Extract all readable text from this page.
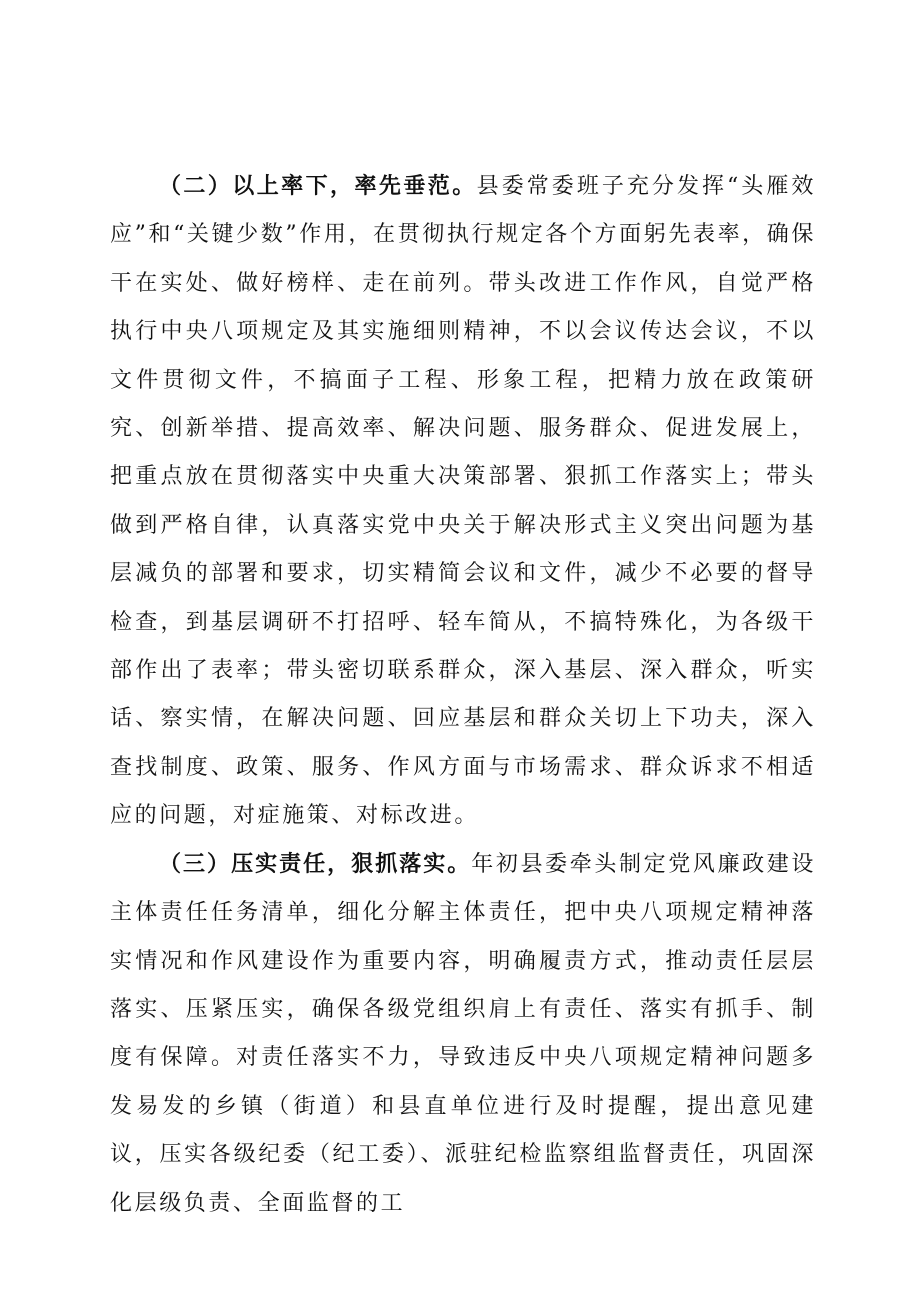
（二）以上率下，率先垂范。县委常委班子充分发挥“头雁效应”和“关键少数”作用，在贯彻执行规定各个方面躬先表率，确保干在实处、做好榜样、走在前列。带头改进工作作风，自觉严格执行中央八项规定及其实施细则精神，不以会议传达会议，不以文件贯彻文件，不搞面子工程、形象工程，把精力放在政策研究、创新举措、提高效率、解决问题、服务群众、促进发展上，把重点放在贯彻落实中央重大决策部署、狠抓工作落实上；带头做到严格自律，认真落实党中央关于解决形式主义突出问题为基层减负的部署和要求，切实精简会议和文件，减少不必要的督导检查，到基层调研不打招呼、轻车简从，不搞特殊化，为各级干部作出了表率；带头密切联系群众，深入基层、深入群众，听实话、察实情，在解决问题、回应基层和群众关切上下功夫，深入查找制度、政策、服务、作风方面与市场需求、群众诉求不相适应的问题，对症施策、对标改进。

（三）压实责任，狠抓落实。年初县委牵头制定党风廉政建设主体责任任务清单，细化分解主体责任，把中央八项规定精神落实情况和作风建设作为重要内容，明确履责方式，推动责任层层落实、压紧压实，确保各级党组织肩上有责任、落实有抓手、制度有保障。对责任落实不力，导致违反中央八项规定精神问题多发易发的乡镇（街道）和县直单位进行及时提醒，提出意见建议，压实各级纪委（纪工委）、派驻纪检监察组监督责任，巩固深化层级负责、全面监督的工
